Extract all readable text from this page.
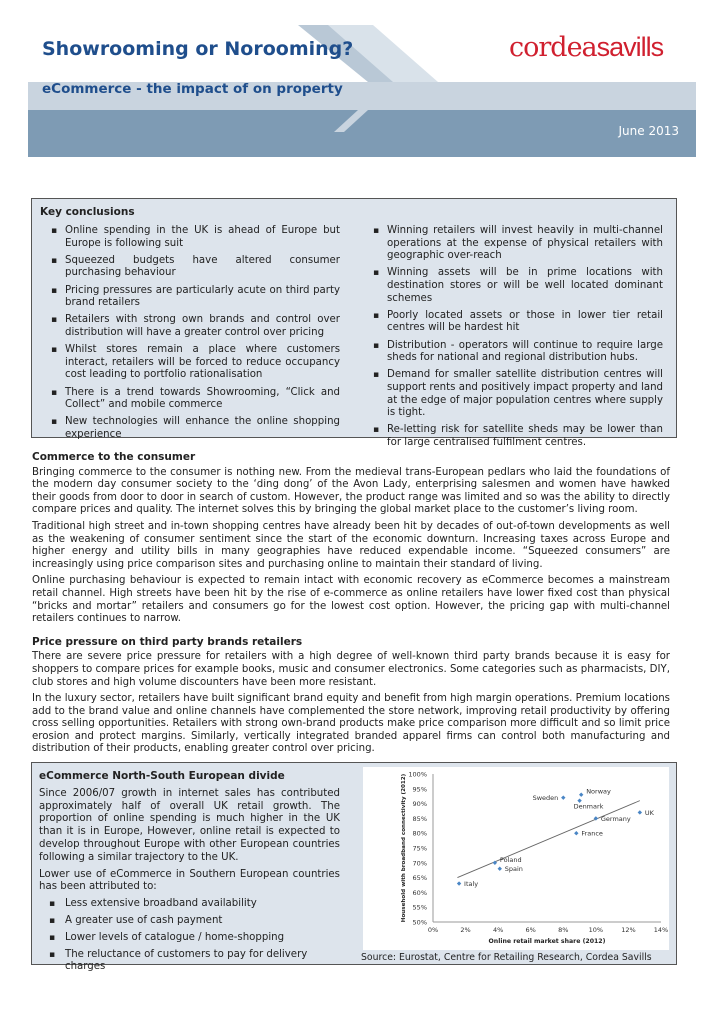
Showrooming or Norooming?
eCommerce - the impact of on property
cordeasavills
June 2013
Key conclusions
▪ Online spending in the UK is ahead of Europe but Europe is following suit
▪ Squeezed budgets have altered consumer purchasing behaviour
▪ Pricing pressures are particularly acute on third party brand retailers
▪ Retailers with strong own brands and control over distribution will have a greater control over pricing
▪ Whilst stores remain a place where customers interact, retailers will be forced to reduce occupancy cost leading to portfolio rationalisation
▪ There is a trend towards Showrooming, “Click and Collect” and mobile commerce
▪ New technologies will enhance the online shopping experience
▪ Winning retailers will invest heavily in multi-channel operations at the expense of physical retailers with geographic over-reach
▪ Winning assets will be in prime locations with destination stores or will be well located dominant schemes
▪ Poorly located assets or those in lower tier retail centres will be hardest hit
▪ Distribution - operators will continue to require large sheds for national and regional distribution hubs.
▪ Demand for smaller satellite distribution centres will support rents and positively impact property and land at the edge of major population centres where supply is tight.
▪ Re-letting risk for satellite sheds may be lower than for large centralised fulfilment centres.
Commerce to the consumer

Bringing commerce to the consumer is nothing new. From the medieval trans-European pedlars who laid the foundations of the modern day consumer society to the ‘ding dong’ of the Avon Lady, enterprising salesmen and women have hawked their goods from door to door in search of custom. However, the product range was limited and so was the ability to directly compare prices and quality. The internet solves this by bringing the global market place to the customer’s living room.

Traditional high street and in-town shopping centres have already been hit by decades of out-of-town developments as well as the weakening of consumer sentiment since the start of the economic downturn. Increasing taxes across Europe and higher energy and utility bills in many geographies have reduced expendable income. “Squeezed consumers” are increasingly using price comparison sites and purchasing online to maintain their standard of living.

Online purchasing behaviour is expected to remain intact with economic recovery as eCommerce becomes a mainstream retail channel. High streets have been hit by the rise of e-commerce as online retailers have lower fixed cost than physical “bricks and mortar” retailers and consumers go for the lowest cost option. However, the pricing gap with multi-channel retailers continues to narrow.

Price pressure on third party brands retailers

There are severe price pressure for retailers with a high degree of well-known third party brands because it is easy for shoppers to compare prices for example books, music and consumer electronics. Some categories such as pharmacists, DIY, club stores and high volume discounters have been more resistant.

In the luxury sector, retailers have built significant brand equity and benefit from high margin operations. Premium locations add to the brand value and online channels have complemented the store network, improving retail productivity by offering cross selling opportunities. Retailers with strong own-brand products make price comparison more difficult and so limit price erosion and protect margins. Similarly, vertically integrated branded apparel firms can control both manufacturing and distribution of their products, enabling greater control over pricing.

eCommerce North-South European divide

Since 2006/07 growth in internet sales has contributed approximately half of overall UK retail growth. The proportion of online spending is much higher in the UK than it is in Europe, However, online retail is expected to develop throughout Europe with other European countries following a similar trajectory to the UK.

Lower use of eCommerce in Southern European countries has been attributed to:

▪ Less extensive broadband availability
▪ A greater use of cash payment
▪ Lower levels of catalogue / home-shopping
▪ The reluctance of customers to pay for delivery charges
50%
55%
60%
65%
70%
75%
80%
85%
90%
95%
100%
0%	2%	4%	6%	8%	10%	12%	14%
Online retail market share (2012)
Household with broadband connectivity (2012)	Italy
Poland
Spain
France
Germany
UK
Sweden
Norway
Denmark
Source: Eurostat, Centre for Retailing Research, Cordea Savills
